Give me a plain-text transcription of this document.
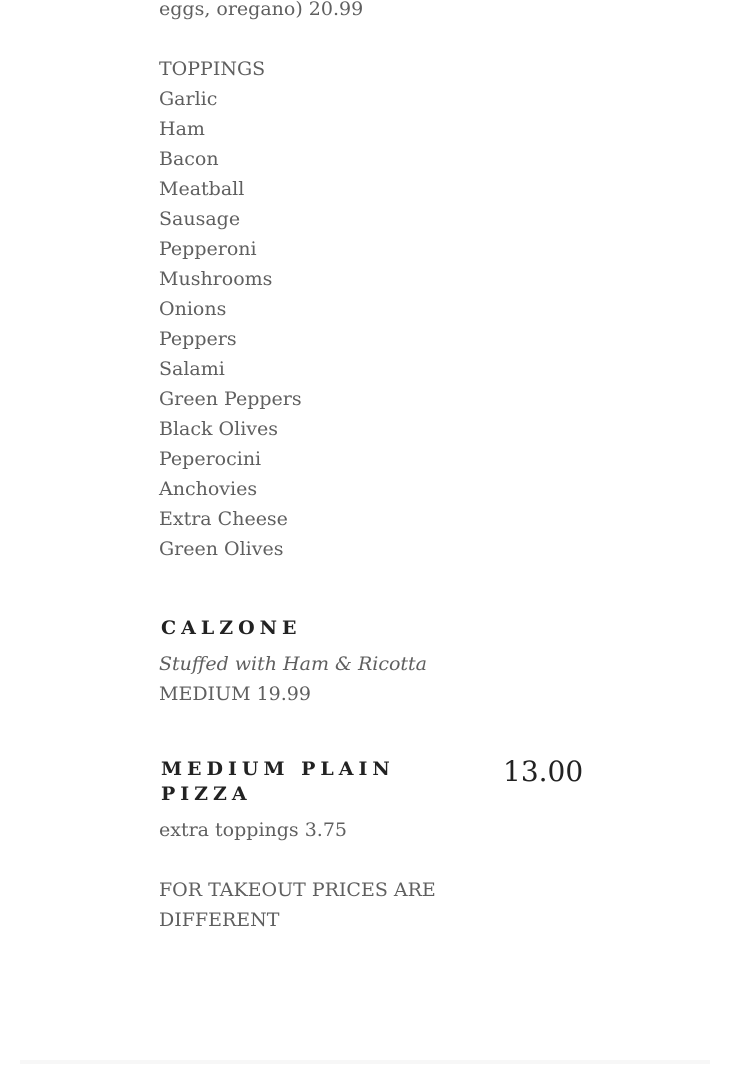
eggs, oregano) 20.99
TOPPINGS
Garlic
Ham
Bacon
Meatball
Sausage
Pepperoni
Mushrooms
Onions
Peppers
Salami
Green Peppers
Black Olives
Peperocini
Anchovies
Extra Cheese
Green Olives
CALZONE
Stuffed with Ham & Ricotta
MEDIUM 19.99
MEDIUM PLAIN PIZZA
13.00
extra toppings 3.75
FOR TAKEOUT PRICES ARE
DIFFERENT
